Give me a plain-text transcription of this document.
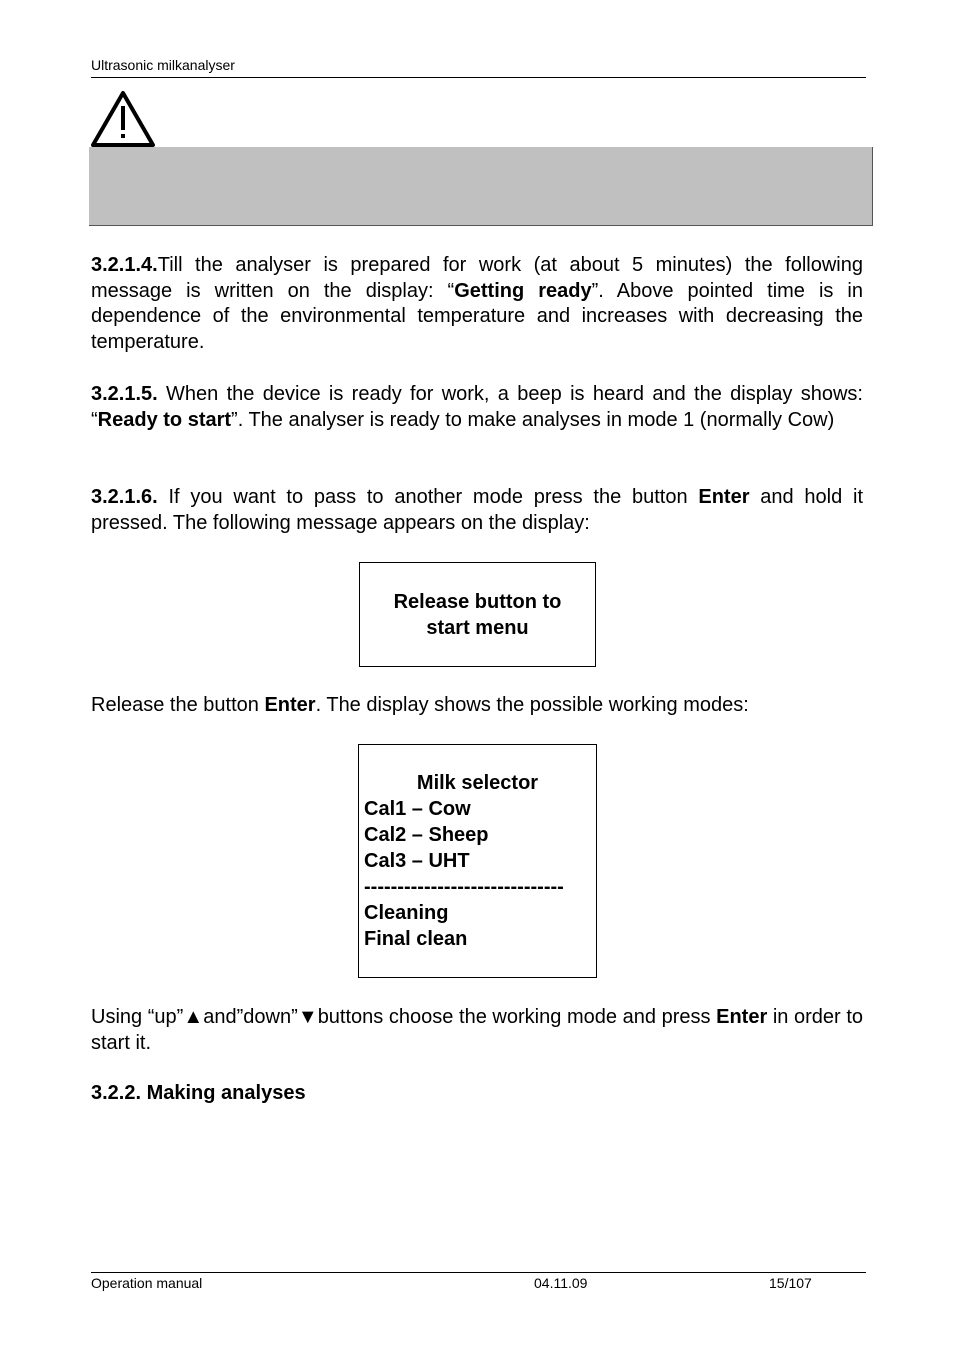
Ultrasonic milkanalyser
3.2.1.4.Till the analyser is prepared for work (at about 5 minutes) the following message is written on the display: “Getting ready”. Above pointed time is in dependence of the environmental temperature and increases with decreasing the temperature.
3.2.1.5. When the device is ready for work, a beep is heard and the display shows: “Ready to start”. The analyser is ready to make analyses in mode 1 (normally Cow)
3.2.1.6. If you want to pass to another mode press the button Enter and hold it pressed. The following message appears on the display:
Release button to
start menu
Release the button Enter. The display shows the possible working modes:
Milk selector
Cal1 – Cow
Cal2 – Sheep
Cal3 – UHT
------------------------------
Cleaning
Final clean
Using “up”▲and”down”▼buttons choose the working mode and press Enter in order to start it.
3.2.2. Making analyses
Operation manual	04.11.09	15/107
